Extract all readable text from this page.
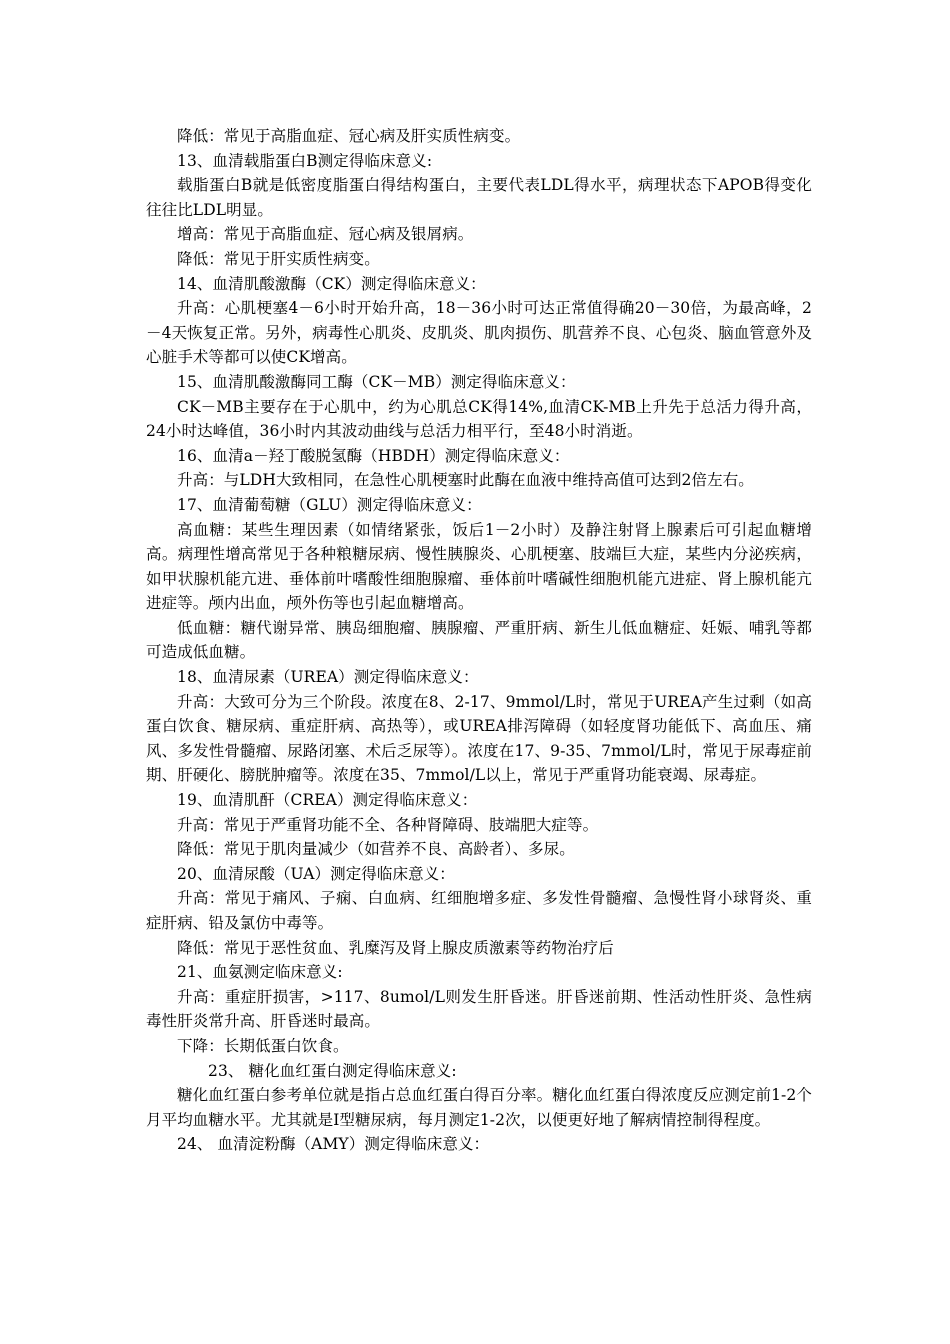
降低：常见于高脂血症、冠心病及肝实质性病变。

13、血清载脂蛋白B测定得临床意义:

载脂蛋白B就是低密度脂蛋白得结构蛋白，主要代表LDL得水平，病理状态下APOB得变化往往比LDL明显。

增高：常见于高脂血症、冠心病及银屑病。

降低：常见于肝实质性病变。

14、血清肌酸激酶（CK）测定得临床意义：

升高：心肌梗塞4－6小时开始升高，18－36小时可达正常值得确20－30倍，为最高峰，2－4天恢复正常。另外，病毒性心肌炎、皮肌炎、肌肉损伤、肌营养不良、心包炎、脑血管意外及心脏手术等都可以使CK增高。

15、血清肌酸激酶同工酶（CK－MB）测定得临床意义：

CK－MB主要存在于心肌中，约为心肌总CK得14%,血清CK-MB上升先于总活力得升高，24小时达峰值，36小时内其波动曲线与总活力相平行，至48小时消逝。

16、血清a－羟丁酸脱氢酶（HBDH）测定得临床意义：

升高：与LDH大致相同，在急性心肌梗塞时此酶在血液中维持高值可达到2倍左右。

17、血清葡萄糖（GLU）测定得临床意义：

高血糖：某些生理因素（如情绪紧张，饭后1－2小时）及静注射肾上腺素后可引起血糖增高。病理性增高常见于各种粮糖尿病、慢性胰腺炎、心肌梗塞、肢端巨大症，某些内分泌疾病，如甲状腺机能亢进、垂体前叶嗜酸性细胞腺瘤、垂体前叶嗜碱性细胞机能亢进症、肾上腺机能亢进症等。颅内出血，颅外伤等也引起血糖增高。

低血糖：糖代谢异常、胰岛细胞瘤、胰腺瘤、严重肝病、新生儿低血糖症、妊娠、哺乳等都可造成低血糖。

18、血清尿素（UREA）测定得临床意义：

升高：大致可分为三个阶段。浓度在8、2-17、9mmol/L时，常见于UREA产生过剩（如高蛋白饮食、糖尿病、重症肝病、高热等），或UREA排泻障碍（如轻度肾功能低下、高血压、痛风、多发性骨髓瘤、尿路闭塞、术后乏尿等）。浓度在17、9-35、7mmol/L时，常见于尿毒症前期、肝硬化、膀胱肿瘤等。浓度在35、7mmol/L以上，常见于严重肾功能衰竭、尿毒症。

19、血清肌酐（CREA）测定得临床意义：

升高：常见于严重肾功能不全、各种肾障碍、肢端肥大症等。

降低：常见于肌肉量减少（如营养不良、高龄者）、多尿。

20、血清尿酸（UA）测定得临床意义：

升高：常见于痛风、子痫、白血病、红细胞增多症、多发性骨髓瘤、急慢性肾小球肾炎、重症肝病、铅及氯仿中毒等。

降低：常见于恶性贫血、乳糜泻及肾上腺皮质激素等药物治疗后

21、血氨测定临床意义:

升高：重症肝损害，>117、8umol/L则发生肝昏迷。肝昏迷前期、性活动性肝炎、急性病毒性肝炎常升高、肝昏迷时最高。

下降：长期低蛋白饮食。

23、 糖化血红蛋白测定得临床意义:

糖化血红蛋白参考单位就是指占总血红蛋白得百分率。糖化血红蛋白得浓度反应测定前1-2个月平均血糖水平。尤其就是I型糖尿病，每月测定1-2次，以便更好地了解病情控制得程度。

24、 血清淀粉酶（AMY）测定得临床意义：
